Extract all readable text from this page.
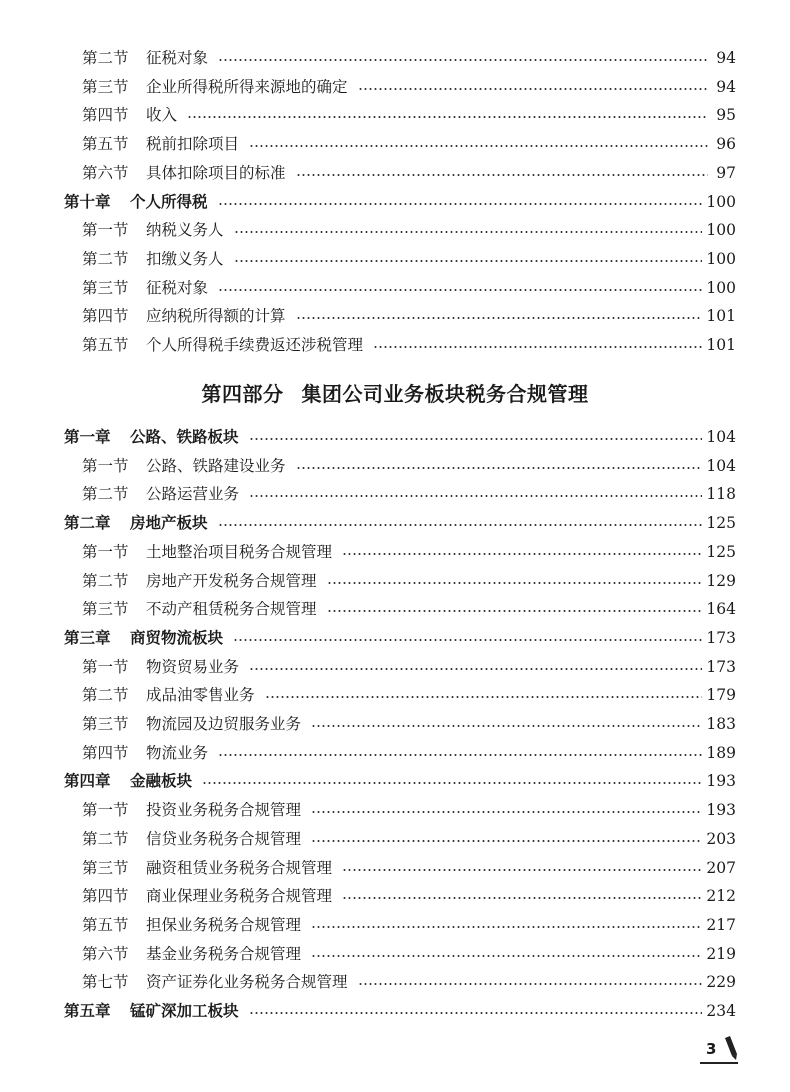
第二节	征税对象	94
第三节	企业所得税所得来源地的确定	94
第四节	收入	95
第五节	税前扣除项目	96
第六节	具体扣除项目的标准	97
第十章	个人所得税	100
第一节	纳税义务人	100
第二节	扣缴义务人	100
第三节	征税对象	100
第四节	应纳税所得额的计算	101
第五节	个人所得税手续费返还涉税管理	101
第一章	公路、铁路板块	104
第一节	公路、铁路建设业务	104
第二节	公路运营业务	118
第二章	房地产板块	125
第一节	土地整治项目税务合规管理	125
第二节	房地产开发税务合规管理	129
第三节	不动产租赁税务合规管理	164
第三章	商贸物流板块	173
第一节	物资贸易业务	173
第二节	成品油零售业务	179
第三节	物流园及边贸服务业务	183
第四节	物流业务	189
第四章	金融板块	193
第一节	投资业务税务合规管理	193
第二节	信贷业务税务合规管理	203
第三节	融资租赁业务税务合规管理	207
第四节	商业保理业务税务合规管理	212
第五节	担保业务税务合规管理	217
第六节	基金业务税务合规管理	219
第七节	资产证券化业务税务合规管理	229
第五章	锰矿深加工板块	234
第四部分 集团公司业务板块税务合规管理
3
